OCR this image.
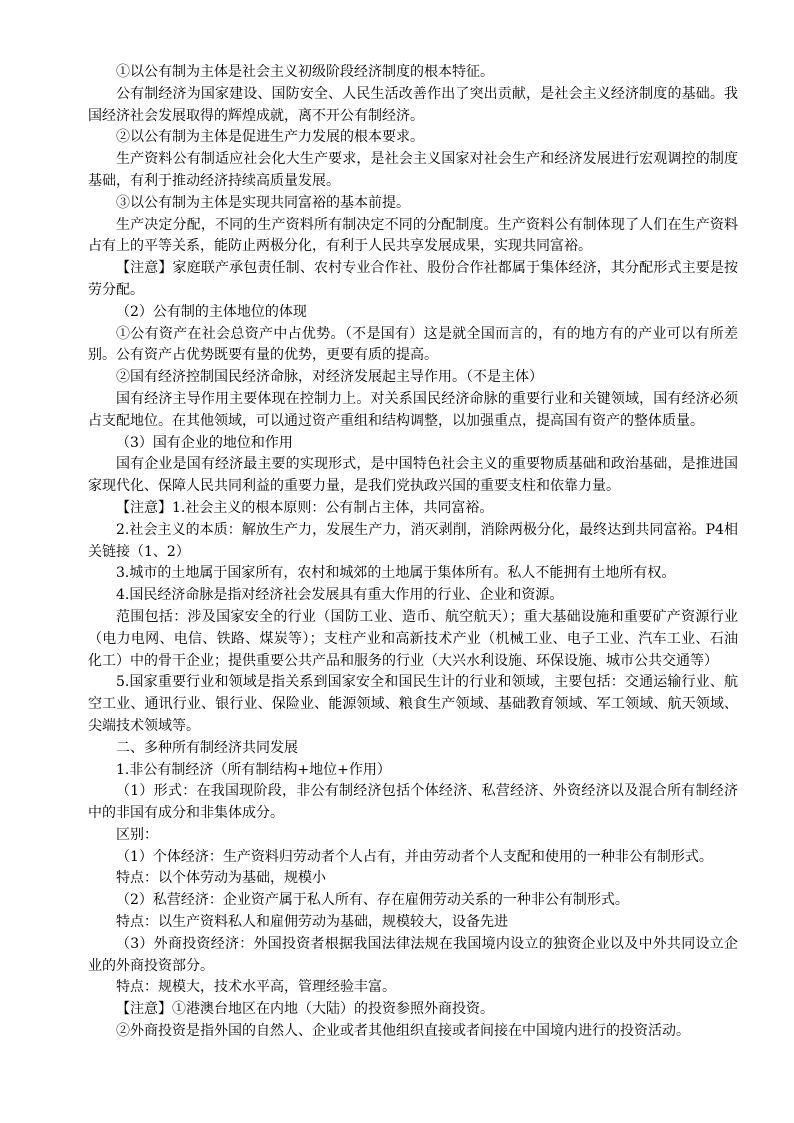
①以公有制为主体是社会主义初级阶段经济制度的根本特征。

公有制经济为国家建设、国防安全、人民生活改善作出了突出贡献，是社会主义经济制度的基础。我国经济社会发展取得的辉煌成就，离不开公有制经济。

②以公有制为主体是促进生产力发展的根本要求。

生产资料公有制适应社会化大生产要求，是社会主义国家对社会生产和经济发展进行宏观调控的制度基础，有利于推动经济持续高质量发展。

③以公有制为主体是实现共同富裕的基本前提。

生产决定分配，不同的生产资料所有制决定不同的分配制度。生产资料公有制体现了人们在生产资料占有上的平等关系，能防止两极分化，有利于人民共享发展成果，实现共同富裕。

【注意】家庭联产承包责任制、农村专业合作社、股份合作社都属于集体经济，其分配形式主要是按劳分配。

（2）公有制的主体地位的体现

①公有资产在社会总资产中占优势。（不是国有）这是就全国而言的，有的地方有的产业可以有所差别。公有资产占优势既要有量的优势，更要有质的提高。

②国有经济控制国民经济命脉，对经济发展起主导作用。（不是主体）

国有经济主导作用主要体现在控制力上。对关系国民经济命脉的重要行业和关键领域，国有经济必须占支配地位。在其他领域，可以通过资产重组和结构调整，以加强重点，提高国有资产的整体质量。

（3）国有企业的地位和作用

国有企业是国有经济最主要的实现形式，是中国特色社会主义的重要物质基础和政治基础，是推进国家现代化、保障人民共同利益的重要力量，是我们党执政兴国的重要支柱和依靠力量。

【注意】1.社会主义的根本原则：公有制占主体，共同富裕。

2.社会主义的本质：解放生产力，发展生产力，消灭剥削，消除两极分化，最终达到共同富裕。P4相关链接（1、2）

3.城市的土地属于国家所有，农村和城郊的土地属于集体所有。私人不能拥有土地所有权。

4.国民经济命脉是指对经济社会发展具有重大作用的行业、企业和资源。

范围包括：涉及国家安全的行业（国防工业、造币、航空航天）；重大基础设施和重要矿产资源行业（电力电网、电信、铁路、煤炭等）；支柱产业和高新技术产业（机械工业、电子工业、汽车工业、石油化工）中的骨干企业；提供重要公共产品和服务的行业（大兴水利设施、环保设施、城市公共交通等）

5.国家重要行业和领域是指关系到国家安全和国民生计的行业和领域，主要包括：交通运输行业、航空工业、通讯行业、银行业、保险业、能源领域、粮食生产领域、基础教育领域、军工领域、航天领域、尖端技术领域等。

二、多种所有制经济共同发展

1.非公有制经济（所有制结构+地位+作用）

（1）形式：在我国现阶段，非公有制经济包括个体经济、私营经济、外资经济以及混合所有制经济中的非国有成分和非集体成分。

区别：

（1）个体经济：生产资料归劳动者个人占有，并由劳动者个人支配和使用的一种非公有制形式。

特点：以个体劳动为基础，规模小

（2）私营经济：企业资产属于私人所有、存在雇佣劳动关系的一种非公有制形式。

特点：以生产资料私人和雇佣劳动为基础，规模较大，设备先进

（3）外商投资经济：外国投资者根据我国法律法规在我国境内设立的独资企业以及中外共同设立企业的外商投资部分。

特点：规模大，技术水平高，管理经验丰富。

【注意】①港澳台地区在内地（大陆）的投资参照外商投资。

②外商投资是指外国的自然人、企业或者其他组织直接或者间接在中国境内进行的投资活动。
